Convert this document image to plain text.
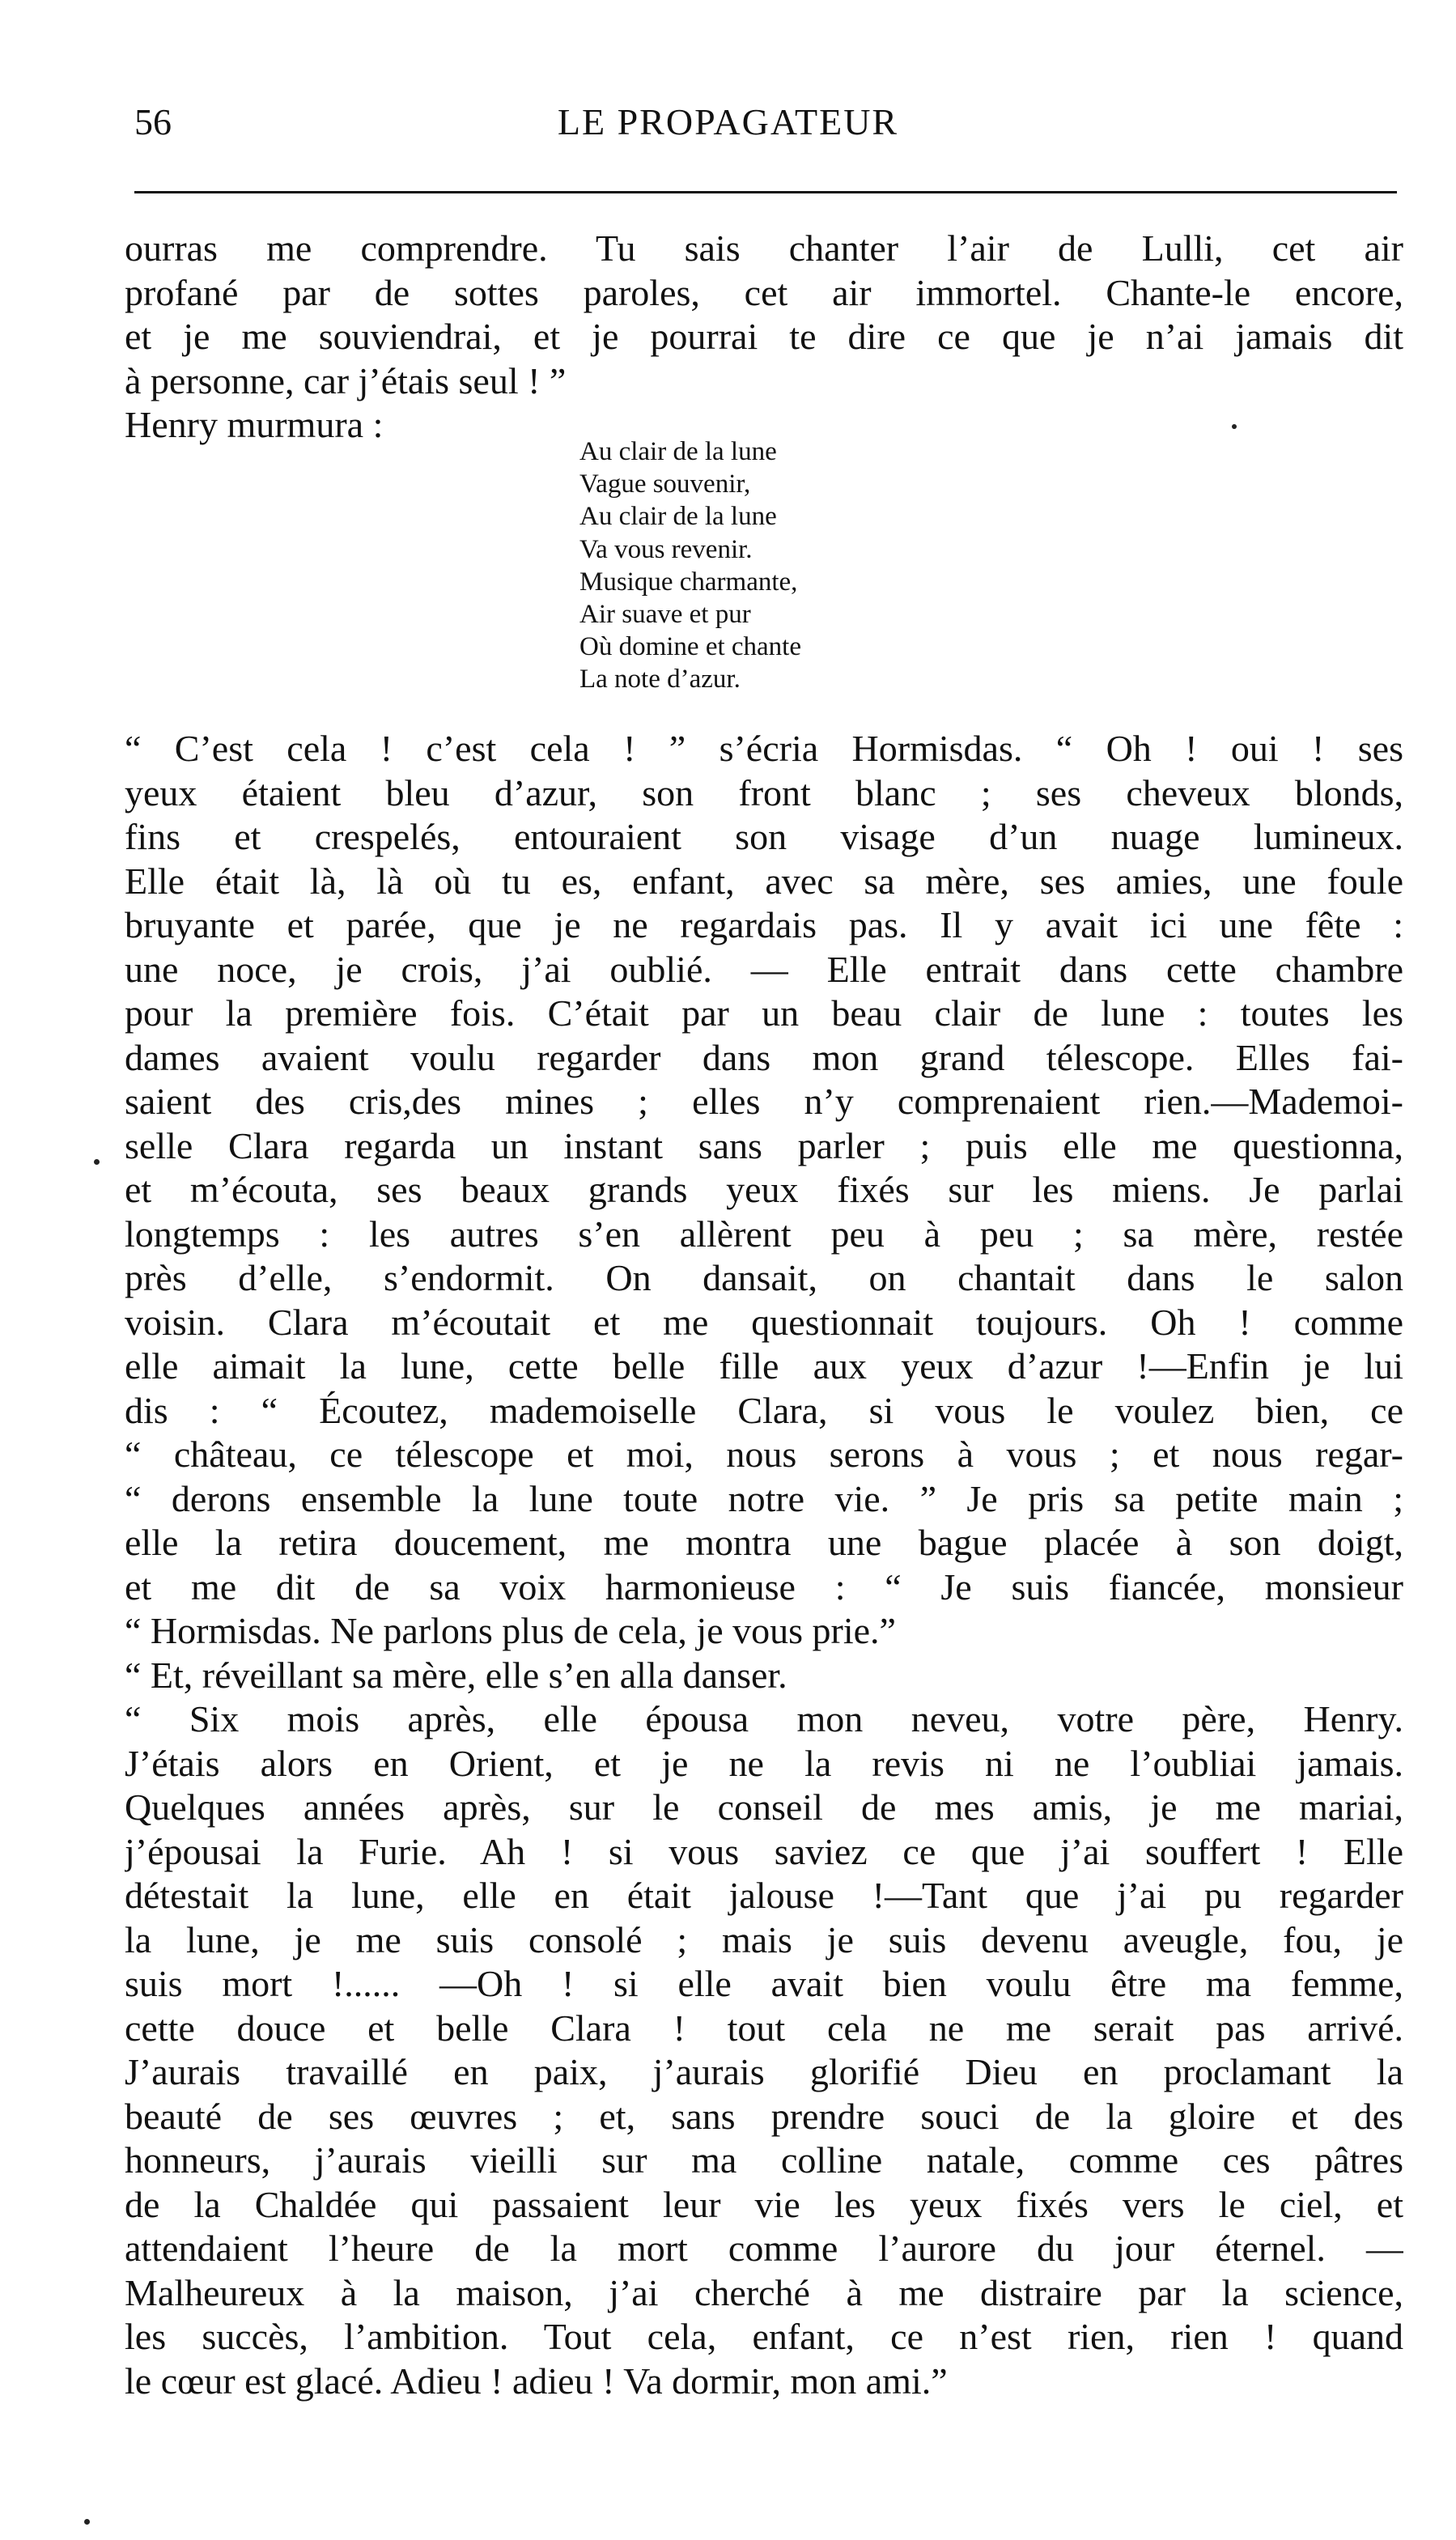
56	LE PROPAGATEUR
ourras me comprendre. Tu sais chanter l’air de Lulli, cet air
profané par de sottes paroles, cet air immortel. Chante-le encore,
et je me souviendrai, et je pourrai te dire ce que je n’ai jamais dit
à personne, car j’étais seul ! ”
Henry murmura :
Au clair de la lune
Vague souvenir,
Au clair de la lune
Va vous revenir.
Musique charmante,
Air suave et pur
Où domine et chante
La note d’azur.
“ C’est cela ! c’est cela ! ” s’écria Hormisdas. “ Oh ! oui ! ses
yeux étaient bleu d’azur, son front blanc ; ses cheveux blonds,
fins et crespelés, entouraient son visage d’un nuage lumineux.
Elle était là, là où tu es, enfant, avec sa mère, ses amies, une foule
bruyante et parée, que je ne regardais pas. Il y avait ici une fête :
une noce, je crois, j’ai oublié. — Elle entrait dans cette chambre
pour la première fois. C’était par un beau clair de lune : toutes les
dames avaient voulu regarder dans mon grand télescope. Elles fai-
saient des cris,des mines ; elles n’y comprenaient rien.—Mademoi-
selle Clara regarda un instant sans parler ; puis elle me questionna,
et m’écouta, ses beaux grands yeux fixés sur les miens. Je parlai
longtemps : les autres s’en allèrent peu à peu ; sa mère, restée
près d’elle, s’endormit. On dansait, on chantait dans le salon
voisin. Clara m’écoutait et me questionnait toujours. Oh ! comme
elle aimait la lune, cette belle fille aux yeux d’azur !—Enfin je lui
dis : “ Écoutez, mademoiselle Clara, si vous le voulez bien, ce
“ château, ce télescope et moi, nous serons à vous ; et nous regar-
“ derons ensemble la lune toute notre vie. ” Je pris sa petite main ;
elle la retira doucement, me montra une bague placée à son doigt,
et me dit de sa voix harmonieuse : “ Je suis fiancée, monsieur
“ Hormisdas. Ne parlons plus de cela, je vous prie.”
“ Et, réveillant sa mère, elle s’en alla danser.
“ Six mois après, elle épousa mon neveu, votre père, Henry.
J’étais alors en Orient, et je ne la revis ni ne l’oubliai jamais.
Quelques années après, sur le conseil de mes amis, je me mariai,
j’épousai la Furie. Ah ! si vous saviez ce que j’ai souffert ! Elle
détestait la lune, elle en était jalouse !—Tant que j’ai pu regarder
la lune, je me suis consolé ; mais je suis devenu aveugle, fou, je
suis mort !...... —Oh ! si elle avait bien voulu être ma femme,
cette douce et belle Clara ! tout cela ne me serait pas arrivé.
J’aurais travaillé en paix, j’aurais glorifié Dieu en proclamant la
beauté de ses œuvres ; et, sans prendre souci de la gloire et des
honneurs, j’aurais vieilli sur ma colline natale, comme ces pâtres
de la Chaldée qui passaient leur vie les yeux fixés vers le ciel, et
attendaient l’heure de la mort comme l’aurore du jour éternel. —
Malheureux à la maison, j’ai cherché à me distraire par la science,
les succès, l’ambition. Tout cela, enfant, ce n’est rien, rien ! quand
le cœur est glacé. Adieu ! adieu ! Va dormir, mon ami.”
